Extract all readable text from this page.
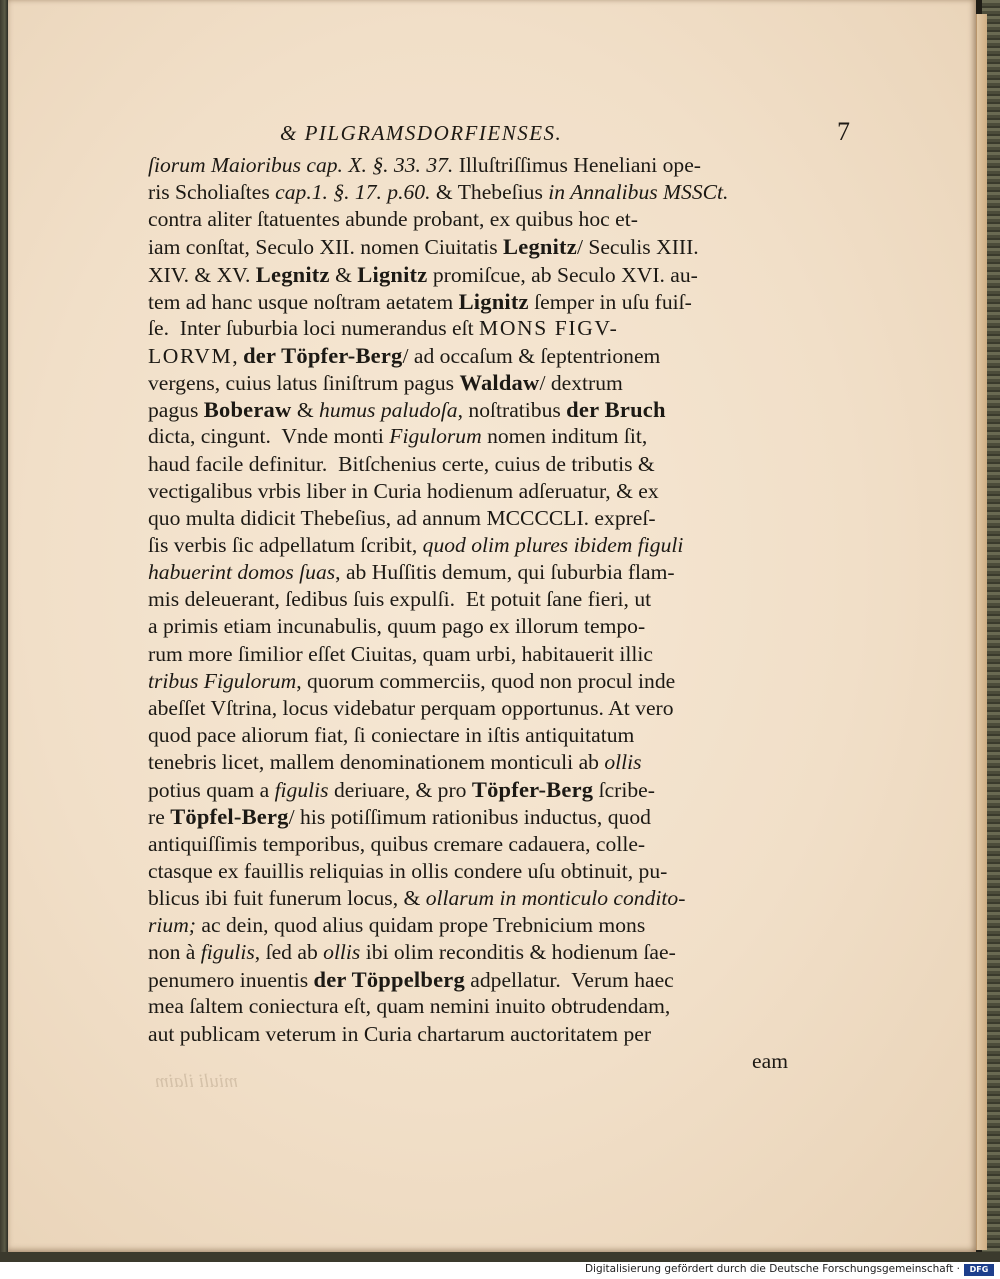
& PILGRAMSDORFIENSES.	7
ſiorum Maioribus cap. X. §. 33. 37. Illuſtriſſimus Heneliani ope-
ris Scholiaſtes cap.1. §. 17. p.60. & Thebeſius in Annalibus MSSCt.
contra aliter ſtatuentes abunde probant, ex quibus hoc et-
iam conſtat, Seculo XII. nomen Ciuitatis Legnitz/ Seculis XIII.
XIV. & XV. Legnitz & Lignitz promiſcue, ab Seculo XVI. au-
tem ad hanc usque noſtram aetatem Lignitz ſemper in uſu fuiſ-
ſe.  Inter ſuburbia loci numerandus eſt MONS FIGV-
LORVM, der Töpfer-Berg/ ad occaſum & ſeptentrionem
vergens, cuius latus ſiniſtrum pagus Waldaw/ dextrum
pagus Boberaw & humus paludoſa, noſtratibus der Bruch
dicta, cingunt.  Vnde monti Figulorum nomen inditum ſit,
haud facile definitur.  Bitſchenius certe, cuius de tributis &
vectigalibus vrbis liber in Curia hodienum adſeruatur, & ex
quo multa didicit Thebeſius, ad annum MCCCCLI. expreſ-
ſis verbis ſic adpellatum ſcribit, quod olim plures ibidem figuli
habuerint domos ſuas, ab Huſſitis demum, qui ſuburbia flam-
mis deleuerant, ſedibus ſuis expulſi.  Et potuit ſane fieri, ut
a primis etiam incunabulis, quum pago ex illorum tempo-
rum more ſimilior eſſet Ciuitas, quam urbi, habitauerit illic
tribus Figulorum, quorum commerciis, quod non procul inde
abeſſet Vſtrina, locus videbatur perquam opportunus. At vero
quod pace aliorum fiat, ſi coniectare in iſtis antiquitatum
tenebris licet, mallem denominationem monticuli ab ollis
potius quam a figulis deriuare, & pro Töpfer-Berg ſcribe-
re Töpfel-Berg/ his potiſſimum rationibus inductus, quod
antiquiſſimis temporibus, quibus cremare cadauera, colle-
ctasque ex fauillis reliquias in ollis condere uſu obtinuit, pu-
blicus ibi fuit funerum locus, & ollarum in monticulo condito-
rium; ac dein, quod alius quidam prope Trebnicium mons
non à figulis, ſed ab ollis ibi olim reconditis & hodienum ſae-
penumero inuentis der Töppelberg adpellatur.  Verum haec
mea ſaltem coniectura eſt, quam nemini inuito obtrudendam,
aut publicam veterum in Curia chartarum auctoritatem per
eam
miuli ilaim
Digitalisierung gefördert durch die Deutsche Forschungsgemeinschaft ·	DFG
